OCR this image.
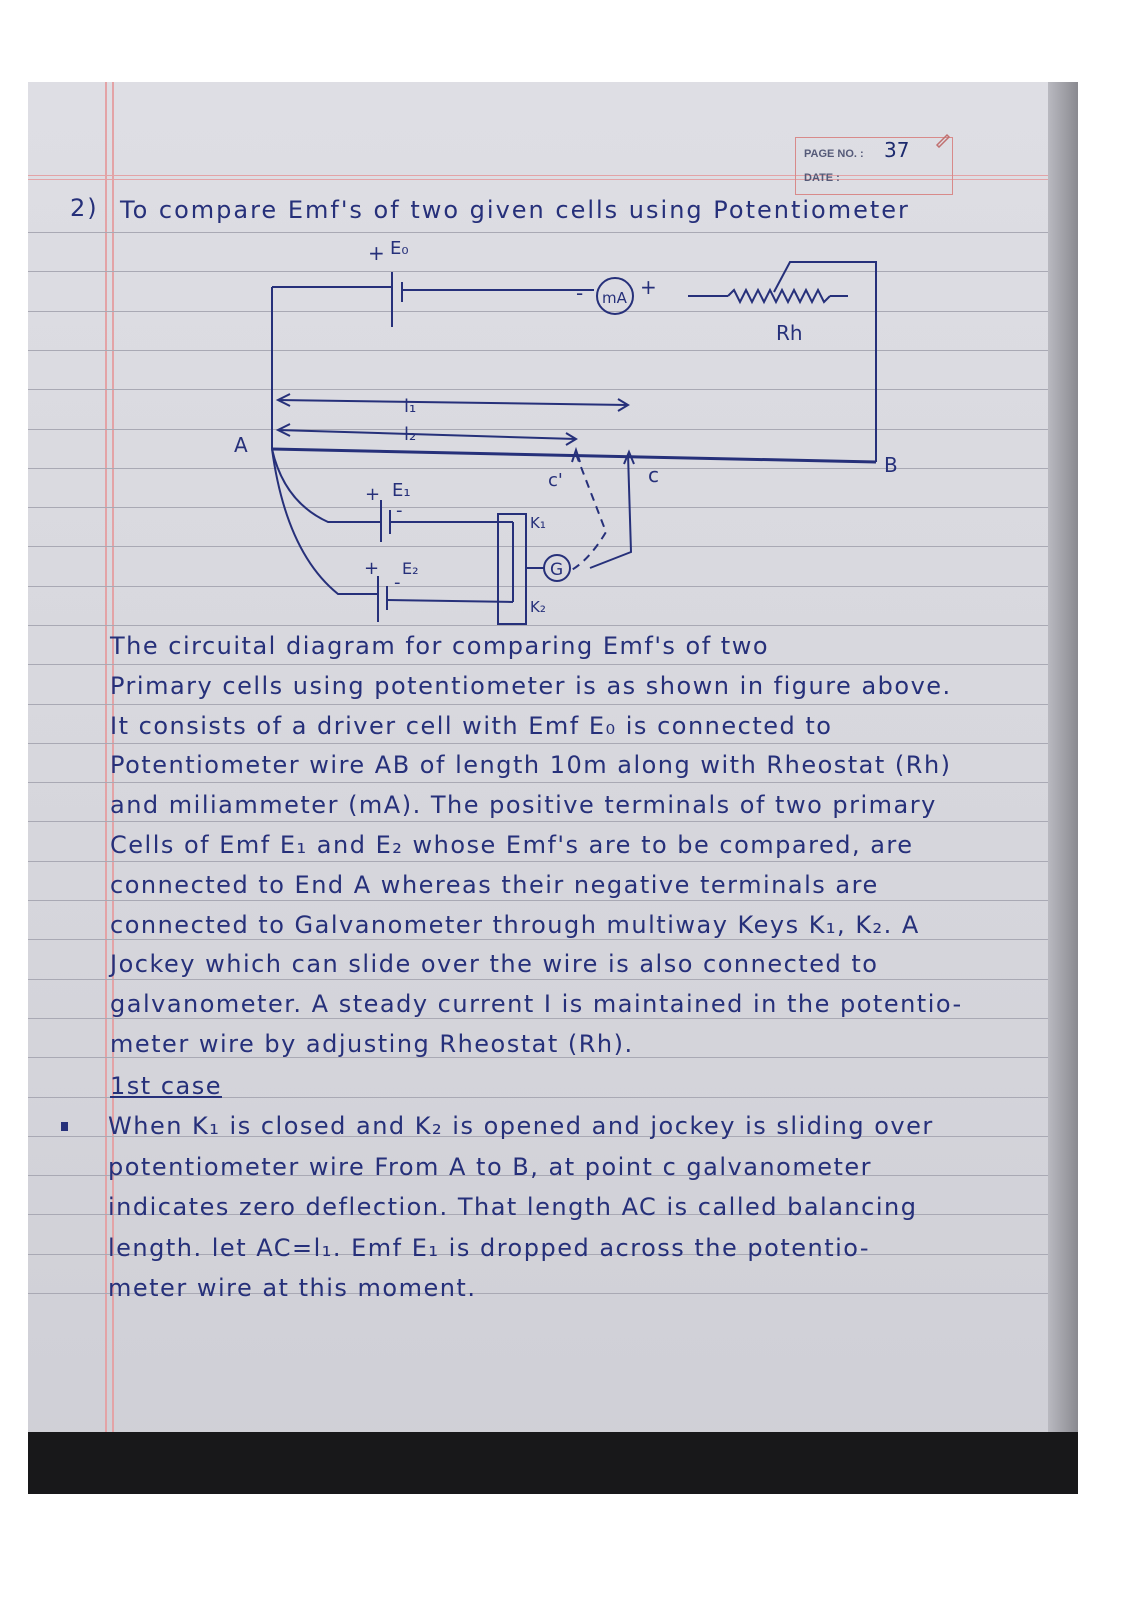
PAGE NO. : 37
DATE :
2) To compare Emf's of two given cells using Potentiometer
+ E₀
- mA +
Rh
l₁
l₂
A
B
c'	c
+ E₁
-
+ E₂
-
K₁
K₂
G
The circuital diagram for comparing Emf's of two
Primary cells using potentiometer is as shown in figure above.
It consists of a driver cell with Emf E₀ is connected to
Potentiometer wire AB of length 10m along with Rheostat (Rh)
and miliammeter (mA). The positive terminals of two primary
Cells of Emf E₁ and E₂ whose Emf's are to be compared, are
connected to End A whereas their negative terminals are
connected to Galvanometer through multiway Keys K₁, K₂. A
Jockey which can slide over the wire is also connected to
galvanometer. A steady current I is maintained in the potentio-
meter wire by adjusting Rheostat (Rh).
1st case
When K₁ is closed and K₂ is opened and jockey is sliding over
potentiometer wire From A to B, at point c galvanometer
indicates zero deflection. That length AC is called balancing
length. let AC=l₁. Emf E₁ is dropped across the potentio-
meter wire at this moment.
